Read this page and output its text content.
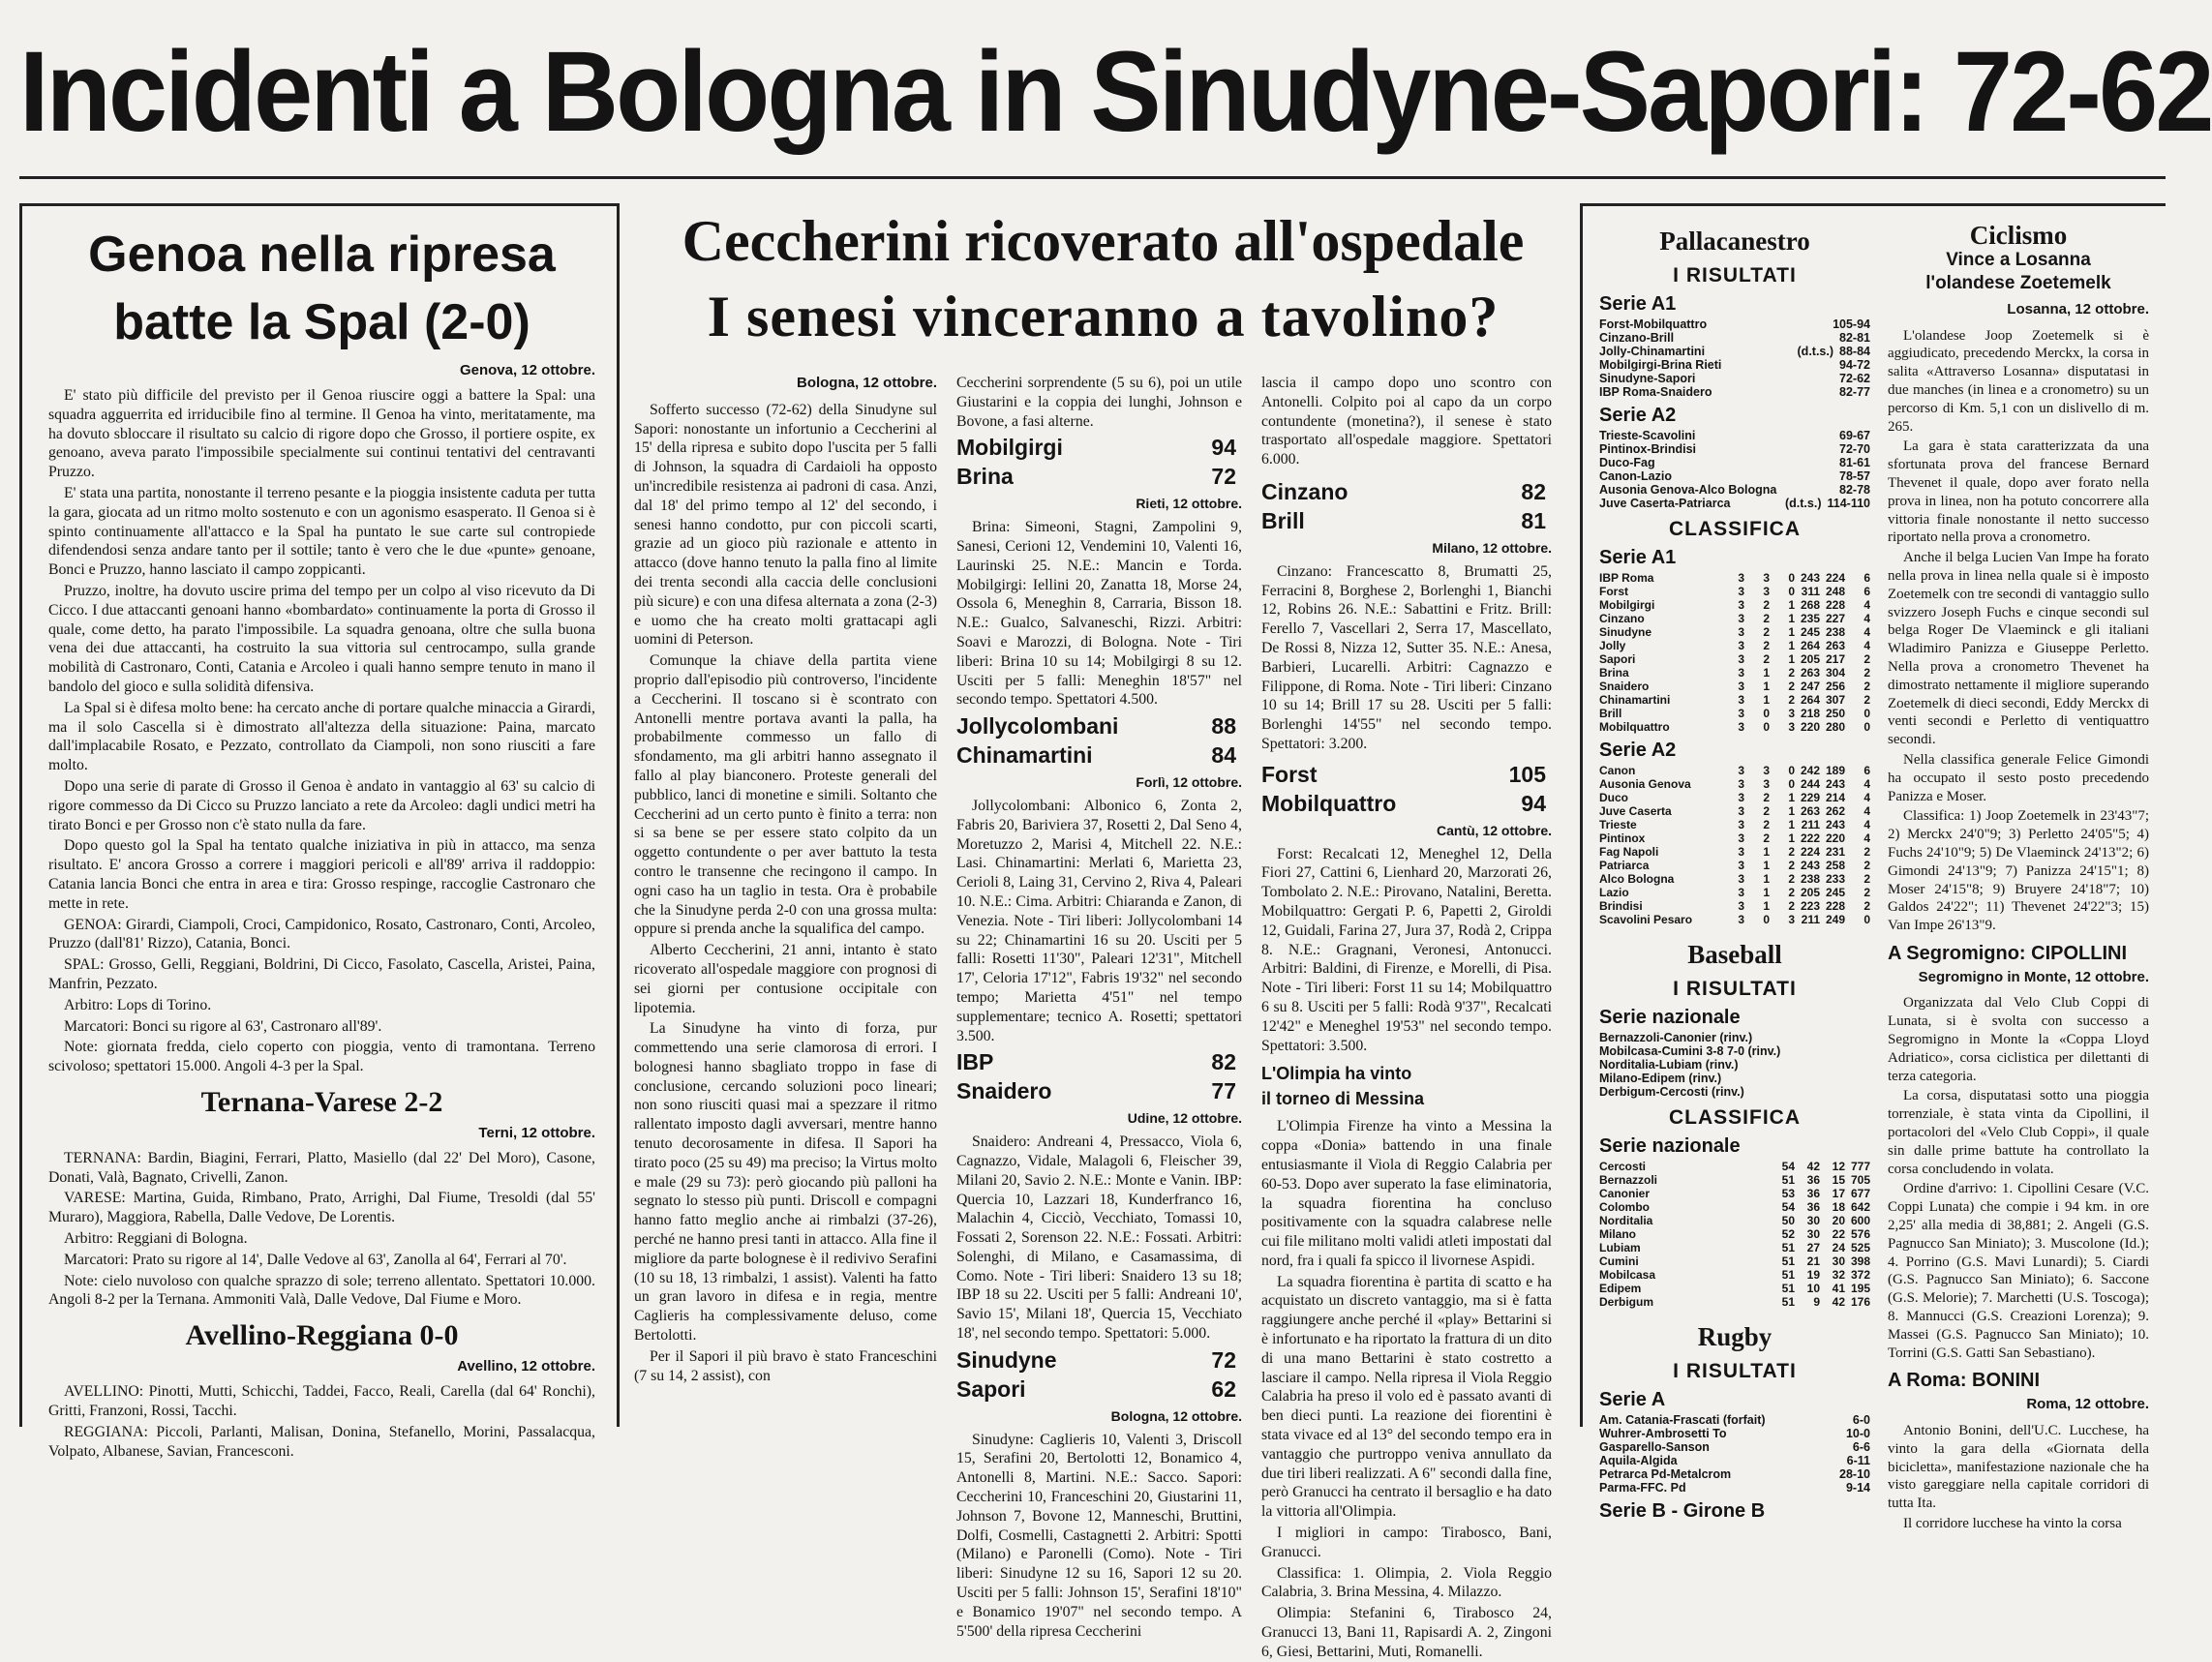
Incidenti a Bologna in Sinudyne-Sapori: 72-62
Genoa nella ripresa
batte la Spal (2-0)
Genova, 12 ottobre.

E' stato più difficile del previsto per il Genoa riuscire oggi a battere la Spal: una squadra agguerrita ed irriducibile fino al termine. Il Genoa ha vinto, meritatamente, ma ha dovuto sbloccare il risultato su calcio di rigore dopo che Grosso, il portiere ospite, ex genoano, aveva parato l'impossibile specialmente sui continui tentativi del centravanti Pruzzo.

E' stata una partita, nonostante il terreno pesante e la pioggia insistente caduta per tutta la gara, giocata ad un ritmo molto sostenuto e con un agonismo esasperato. Il Genoa si è spinto continuamente all'attacco e la Spal ha puntato le sue carte sul contropiede difendendosi senza andare tanto per il sottile; tanto è vero che le due «punte» genoane, Bonci e Pruzzo, hanno lasciato il campo zoppicanti.

Pruzzo, inoltre, ha dovuto uscire prima del tempo per un colpo al viso ricevuto da Di Cicco. I due attaccanti genoani hanno «bombardato» continuamente la porta di Grosso il quale, come detto, ha parato l'impossibile. La squadra genoana, oltre che sulla buona vena dei due attaccanti, ha costruito la sua vittoria sul centrocampo, sulla grande mobilità di Castronaro, Conti, Catania e Arcoleo i quali hanno sempre tenuto in mano il bandolo del gioco e sulla solidità difensiva.

La Spal si è difesa molto bene: ha cercato anche di portare qualche minaccia a Girardi, ma il solo Cascella si è dimostrato all'altezza della situazione: Paina, marcato dall'implacabile Rosato, e Pezzato, controllato da Ciampoli, non sono riusciti a fare molto.

Dopo una serie di parate di Grosso il Genoa è andato in vantaggio al 63' su calcio di rigore commesso da Di Cicco su Pruzzo lanciato a rete da Arcoleo: dagli undici metri ha tirato Bonci e per Grosso non c'è stato nulla da fare.

Dopo questo gol la Spal ha tentato qualche iniziativa in più in attacco, ma senza risultato. E' ancora Grosso a correre i maggiori pericoli e all'89' arriva il raddoppio: Catania lancia Bonci che entra in area e tira: Grosso respinge, raccoglie Castronaro che mette in rete.

GENOA: Girardi, Ciampoli, Croci, Campidonico, Rosato, Castronaro, Conti, Arcoleo, Pruzzo (dall'81' Rizzo), Catania, Bonci.

SPAL: Grosso, Gelli, Reggiani, Boldrini, Di Cicco, Fasolato, Cascella, Aristei, Paina, Manfrin, Pezzato.

Arbitro: Lops di Torino.

Marcatori: Bonci su rigore al 63', Castronaro all'89'.

Note: giornata fredda, cielo coperto con pioggia, vento di tramontana. Terreno scivoloso; spettatori 15.000. Angoli 4-3 per la Spal.

Ternana-Varese 2-2
Terni, 12 ottobre.

TERNANA: Bardin, Biagini, Ferrari, Platto, Masiello (dal 22' Del Moro), Casone, Donati, Valà, Bagnato, Crivelli, Zanon.

VARESE: Martina, Guida, Rimbano, Prato, Arrighi, Dal Fiume, Tresoldi (dal 55' Muraro), Maggiora, Rabella, Dalle Vedove, De Lorentis.

Arbitro: Reggiani di Bologna.

Marcatori: Prato su rigore al 14', Dalle Vedove al 63', Zanolla al 64', Ferrari al 70'.

Note: cielo nuvoloso con qualche sprazzo di sole; terreno allentato. Spettatori 10.000. Angoli 8-2 per la Ternana. Ammoniti Valà, Dalle Vedove, Dal Fiume e Moro.

Avellino-Reggiana 0-0
Avellino, 12 ottobre.

AVELLINO: Pinotti, Mutti, Schicchi, Taddei, Facco, Reali, Carella (dal 64' Ronchi), Gritti, Franzoni, Rossi, Tacchi.

REGGIANA: Piccoli, Parlanti, Malisan, Donina, Stefanello, Morini, Passalacqua, Volpato, Albanese, Savian, Francesconi.

Ceccherini ricoverato all'ospedale
I senesi vinceranno a tavolino?
Bologna, 12 ottobre.

Sofferto successo (72-62) della Sinudyne sul Sapori: nonostante un infortunio a Ceccherini al 15' della ripresa e subito dopo l'uscita per 5 falli di Johnson, la squadra di Cardaioli ha opposto un'incredibile resistenza ai padroni di casa. Anzi, dal 18' del primo tempo al 12' del secondo, i senesi hanno condotto, pur con piccoli scarti, grazie ad un gioco più razionale e attento in attacco (dove hanno tenuto la palla fino al limite dei trenta secondi alla caccia delle conclusioni più sicure) e con una difesa alternata a zona (2-3) e uomo che ha creato molti grattacapi agli uomini di Peterson.

Comunque la chiave della partita viene proprio dall'episodio più controverso, l'incidente a Ceccherini. Il toscano si è scontrato con Antonelli mentre portava avanti la palla, ha probabilmente commesso un fallo di sfondamento, ma gli arbitri hanno assegnato il fallo al play bianconero. Proteste generali del pubblico, lanci di monetine e simili. Soltanto che Ceccherini ad un certo punto è finito a terra: non si sa bene se per essere stato colpito da un oggetto contundente o per aver battuto la testa contro le transenne che recingono il campo. In ogni caso ha un taglio in testa. Ora è probabile che la Sinudyne perda 2-0 con una grossa multa: oppure si prenda anche la squalifica del campo.

Alberto Ceccherini, 21 anni, intanto è stato ricoverato all'ospedale maggiore con prognosi di sei giorni per contusione occipitale con lipotemia.

La Sinudyne ha vinto di forza, pur commettendo una serie clamorosa di errori. I bolognesi hanno sbagliato troppo in fase di conclusione, cercando soluzioni poco lineari; non sono riusciti quasi mai a spezzare il ritmo rallentato imposto dagli avversari, mentre hanno tenuto decorosamente in difesa. Il Sapori ha tirato poco (25 su 49) ma preciso; la Virtus molto e male (29 su 73): però giocando più palloni ha segnato lo stesso più punti. Driscoll e compagni hanno fatto meglio anche ai rimbalzi (37-26), perché ne hanno presi tanti in attacco. Alla fine il migliore da parte bolognese è il redivivo Serafini (10 su 18, 13 rimbalzi, 1 assist). Valenti ha fatto un gran lavoro in difesa e in regia, mentre Caglieris ha complessivamente deluso, come Bertolotti.

Per il Sapori il più bravo è stato Franceschini (7 su 14, 2 assist), con

Ceccherini sorprendente (5 su 6), poi un utile Giustarini e la coppia dei lunghi, Johnson e Bovone, a fasi alterne.

Mobilgirgi	94
Brina	72
Rieti, 12 ottobre.

Brina: Simeoni, Stagni, Zampolini 9, Sanesi, Cerioni 12, Vendemini 10, Valenti 16, Laurinski 25. N.E.: Mancin e Torda. Mobilgirgi: Iellini 20, Zanatta 18, Morse 24, Ossola 6, Meneghin 8, Carraria, Bisson 18. N.E.: Gualco, Salvaneschi, Rizzi. Arbitri: Soavi e Marozzi, di Bologna. Note - Tiri liberi: Brina 10 su 14; Mobilgirgi 8 su 12. Usciti per 5 falli: Meneghin 18'57" nel secondo tempo. Spettatori 4.500.

Jollycolombani	88
Chinamartini	84
Forlì, 12 ottobre.

Jollycolombani: Albonico 6, Zonta 2, Fabris 20, Bariviera 37, Rosetti 2, Dal Seno 4, Moretuzzo 2, Marisi 4, Mitchell 22. N.E.: Lasi. Chinamartini: Merlati 6, Marietta 23, Cerioli 8, Laing 31, Cervino 2, Riva 4, Paleari 10. N.E.: Cima. Arbitri: Chiaranda e Zanon, di Venezia. Note - Tiri liberi: Jollycolombani 14 su 22; Chinamartini 16 su 20. Usciti per 5 falli: Rosetti 11'30", Paleari 12'31", Mitchell 17', Celoria 17'12", Fabris 19'32" nel secondo tempo; Marietta 4'51" nel tempo supplementare; tecnico A. Rosetti; spettatori 3.500.

IBP	82
Snaidero	77
Udine, 12 ottobre.

Snaidero: Andreani 4, Pressacco, Viola 6, Cagnazzo, Vidale, Malagoli 6, Fleischer 39, Milani 20, Savio 2. N.E.: Monte e Vanin. IBP: Quercia 10, Lazzari 18, Kunderfranco 16, Malachin 4, Cicciò, Vecchiato, Tomassi 10, Fossati 2, Sorenson 22. N.E.: Fossati. Arbitri: Solenghi, di Milano, e Casamassima, di Como. Note - Tiri liberi: Snaidero 13 su 18; IBP 18 su 22. Usciti per 5 falli: Andreani 10', Savio 15', Milani 18', Quercia 15, Vecchiato 18', nel secondo tempo. Spettatori: 5.000.

Sinudyne	72
Sapori	62
Bologna, 12 ottobre.

Sinudyne: Caglieris 10, Valenti 3, Driscoll 15, Serafini 20, Bertolotti 12, Bonamico 4, Antonelli 8, Martini. N.E.: Sacco. Sapori: Ceccherini 10, Franceschini 20, Giustarini 11, Johnson 7, Bovone 12, Manneschi, Bruttini, Dolfi, Cosmelli, Castagnetti 2. Arbitri: Spotti (Milano) e Paronelli (Como). Note - Tiri liberi: Sinudyne 12 su 16, Sapori 12 su 20. Usciti per 5 falli: Johnson 15', Serafini 18'10" e Bonamico 19'07" nel secondo tempo. A 5'500' della ripresa Ceccherini

lascia il campo dopo uno scontro con Antonelli. Colpito poi al capo da un corpo contundente (monetina?), il senese è stato trasportato all'ospedale maggiore. Spettatori 6.000.

Cinzano	82
Brill	81
Milano, 12 ottobre.

Cinzano: Francescatto 8, Brumatti 25, Ferracini 8, Borghese 2, Borlenghi 1, Bianchi 12, Robins 26. N.E.: Sabattini e Fritz. Brill: Ferello 7, Vascellari 2, Serra 17, Mascellato, De Rossi 8, Nizza 12, Sutter 35. N.E.: Anesa, Barbieri, Lucarelli. Arbitri: Cagnazzo e Filippone, di Roma. Note - Tiri liberi: Cinzano 10 su 14; Brill 17 su 28. Usciti per 5 falli: Borlenghi 14'55" nel secondo tempo. Spettatori: 3.200.

Forst	105
Mobilquattro	94
Cantù, 12 ottobre.

Forst: Recalcati 12, Meneghel 12, Della Fiori 27, Cattini 6, Lienhard 20, Marzorati 26, Tombolato 2. N.E.: Pirovano, Natalini, Beretta. Mobilquattro: Gergati P. 6, Papetti 2, Giroldi 12, Guidali, Farina 27, Jura 37, Rodà 2, Crippa 8. N.E.: Gragnani, Veronesi, Antonucci. Arbitri: Baldini, di Firenze, e Morelli, di Pisa. Note - Tiri liberi: Forst 11 su 14; Mobilquattro 6 su 8. Usciti per 5 falli: Rodà 9'37", Recalcati 12'42" e Meneghel 19'53" nel secondo tempo. Spettatori: 3.500.

L'Olimpia ha vinto
il torneo di Messina

L'Olimpia Firenze ha vinto a Messina la coppa «Donia» battendo in una finale entusiasmante il Viola di Reggio Calabria per 60-53. Dopo aver superato la fase eliminatoria, la squadra fiorentina ha concluso positivamente con la squadra calabrese nelle cui file militano molti validi atleti impostati dal nord, fra i quali fa spicco il livornese Aspidi.

La squadra fiorentina è partita di scatto e ha acquistato un discreto vantaggio, ma si è fatta raggiungere anche perché il «play» Bettarini si è infortunato e ha riportato la frattura di un dito di una mano Bettarini è stato costretto a lasciare il campo. Nella ripresa il Viola Reggio Calabria ha preso il volo ed è passato avanti di ben dieci punti. La reazione dei fiorentini è stata vivace ed al 13° del secondo tempo era in vantaggio che purtroppo veniva annullato da due tiri liberi realizzati. A 6" secondi dalla fine, però Granucci ha centrato il bersaglio e ha dato la vittoria all'Olimpia.

I migliori in campo: Tirabosco, Bani, Granucci.

Classifica: 1. Olimpia, 2. Viola Reggio Calabria, 3. Brina Messina, 4. Milazzo.

Olimpia: Stefanini 6, Tirabosco 24, Granucci 13, Bani 11, Rapisardi A. 2, Zingoni 6, Giesi, Bettarini, Muti, Romanelli.

Pallacanestro
I RISULTATI
Serie A1
Forst-Mobilquattro	105-94
Cinzano-Brill	82-81
Jolly-Chinamartini	(d.t.s.) 88-84
Mobilgirgi-Brina Rieti	94-72
Sinudyne-Sapori	72-62
IBP Roma-Snaidero	82-77
Serie A2
Trieste-Scavolini	69-67
Pintinox-Brindisi	72-70
Duco-Fag	81-61
Canon-Lazio	78-57
Ausonia Genova-Alco Bologna	82-78
Juve Caserta-Patriarca	(d.t.s.) 114-110
CLASSIFICA
Serie A1
IBP Roma	3	3	0	243	224	6
Forst	3	3	0	311	248	6
Mobilgirgi	3	2	1	268	228	4
Cinzano	3	2	1	235	227	4
Sinudyne	3	2	1	245	238	4
Jolly	3	2	1	264	263	4
Sapori	3	2	1	205	217	2
Brina	3	1	2	263	304	2
Snaidero	3	1	2	247	256	2
Chinamartini	3	1	2	264	307	2
Brill	3	0	3	218	250	0
Mobilquattro	3	0	3	220	280	0
Serie A2
Canon	3	3	0	242	189	6
Ausonia Genova	3	3	0	244	243	4
Duco	3	2	1	229	214	4
Juve Caserta	3	2	1	263	262	4
Trieste	3	2	1	211	243	4
Pintinox	3	2	1	222	220	4
Fag Napoli	3	1	2	224	231	2
Patriarca	3	1	2	243	258	2
Alco Bologna	3	1	2	238	233	2
Lazio	3	1	2	205	245	2
Brindisi	3	1	2	223	228	2
Scavolini Pesaro	3	0	3	211	249	0
Baseball
I RISULTATI
Serie nazionale
Bernazzoli-Canonier (rinv.)
Mobilcasa-Cumini 3-8 7-0 (rinv.)
Norditalia-Lubiam (rinv.)
Milano-Edipem (rinv.)
Derbigum-Cercosti (rinv.)
CLASSIFICA
Serie nazionale
Cercosti	54	42	12	777
Bernazzoli	51	36	15	705
Canonier	53	36	17	677
Colombo	54	36	18	642
Norditalia	50	30	20	600
Milano	52	30	22	576
Lubiam	51	27	24	525
Cumini	51	21	30	398
Mobilcasa	51	19	32	372
Edipem	51	10	41	195
Derbigum	51	9	42	176
Rugby
I RISULTATI
Serie A
Am. Catania-Frascati (forfait)	6-0
Wuhrer-Ambrosetti To	10-0
Gasparello-Sanson	6-6
Aquila-Algida	6-11
Petrarca Pd-Metalcrom	28-10
Parma-FFC. Pd	9-14
Serie B - Girone B
Ciclismo
Vince a Losanna
l'olandese Zoetemelk
Losanna, 12 ottobre.

L'olandese Joop Zoetemelk si è aggiudicato, precedendo Merckx, la corsa in salita «Attraverso Losanna» disputatasi in due manches (in linea e a cronometro) su un percorso di Km. 5,1 con un dislivello di m. 265.

La gara è stata caratterizzata da una sfortunata prova del francese Bernard Thevenet il quale, dopo aver forato nella prova in linea, non ha potuto concorrere alla vittoria finale nonostante il netto successo riportato nella prova a cronometro.

Anche il belga Lucien Van Impe ha forato nella prova in linea nella quale si è imposto Zoetemelk con tre secondi di vantaggio sullo svizzero Joseph Fuchs e cinque secondi sul belga Roger De Vlaeminck e gli italiani Wladimiro Panizza e Giuseppe Perletto. Nella prova a cronometro Thevenet ha dimostrato nettamente il migliore superando Zoetemelk di dieci secondi, Eddy Merckx di venti secondi e Perletto di ventiquattro secondi.

Nella classifica generale Felice Gimondi ha occupato il sesto posto precedendo Panizza e Moser.

Classifica: 1) Joop Zoetemelk in 23'43"7; 2) Merckx 24'0"9; 3) Perletto 24'05"5; 4) Fuchs 24'10"9; 5) De Vlaeminck 24'13"2; 6) Gimondi 24'13"9; 7) Panizza 24'15"1; 8) Moser 24'15"8; 9) Bruyere 24'18"7; 10) Galdos 24'22"; 11) Thevenet 24'22"3; 15) Van Impe 26'13"9.

A Segromigno: CIPOLLINI
Segromigno in Monte, 12 ottobre.

Organizzata dal Velo Club Coppi di Lunata, si è svolta con successo a Segromigno in Monte la «Coppa Lloyd Adriatico», corsa ciclistica per dilettanti di terza categoria.

La corsa, disputatasi sotto una pioggia torrenziale, è stata vinta da Cipollini, il portacolori del «Velo Club Coppi», il quale sin dalle prime battute ha controllato la corsa concludendo in volata.

Ordine d'arrivo: 1. Cipollini Cesare (V.C. Coppi Lunata) che compie i 94 km. in ore 2,25' alla media di 38,881; 2. Angeli (G.S. Pagnucco San Miniato); 3. Muscolone (Id.); 4. Porrino (G.S. Mavi Lunardi); 5. Ciardi (G.S. Pagnucco San Miniato); 6. Saccone (G.S. Melorie); 7. Marchetti (U.S. Toscoga); 8. Mannucci (G.S. Creazioni Lorenza); 9. Massei (G.S. Pagnucco San Miniato); 10. Torrini (G.S. Gatti San Sebastiano).

A Roma: BONINI
Roma, 12 ottobre.

Antonio Bonini, dell'U.C. Lucchese, ha vinto la gara della «Giornata della bicicletta», manifestazione nazionale che ha visto gareggiare nella capitale corridori di tutta Ita.

Il corridore lucchese ha vinto la corsa
